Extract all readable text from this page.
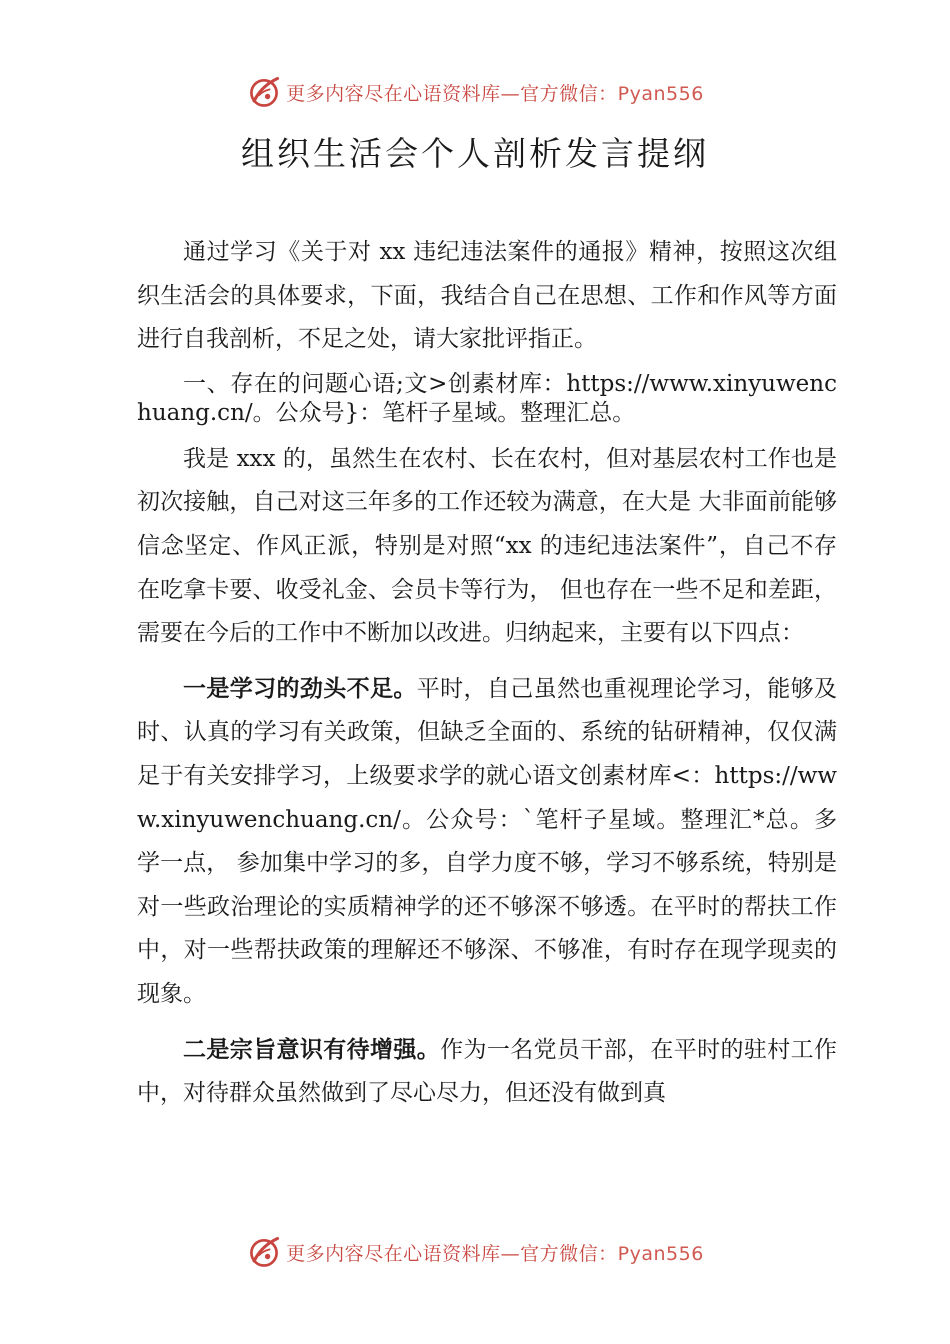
更多内容尽在心语资料库—官方微信：Pyan556
组织生活会个人剖析发言提纲

通过学习《关于对 xx 违纪违法案件的通报》精神，按照这次组织生活会的具体要求，下面，我结合自己在思想、工作和作风等方面进行自我剖析，不足之处，请大家批评指正。

一、存在的问题心语;文>创素材库：https://www.xinyuwenchuang.cn/。公众号}：笔杆子星域。整理汇总。

我是 xxx 的，虽然生在农村、长在农村，但对基层农村工作也是初次接触，自己对这三年多的工作还较为满意，在大是 大非面前能够信念坚定、作风正派，特别是对照“xx 的违纪违法案件”，自己不存在吃拿卡要、收受礼金、会员卡等行为， 但也存在一些不足和差距，需要在今后的工作中不断加以改进。归纳起来，主要有以下四点：

一是学习的劲头不足。平时，自己虽然也重视理论学习，能够及时、认真的学习有关政策，但缺乏全面的、系统的钻研精神，仅仅满足于有关安排学习，上级要求学的就心语文创素材库<：https://www.xinyuwenchuang.cn/。公众号：`笔杆子星域。整理汇*总。多学一点， 参加集中学习的多，自学力度不够，学习不够系统，特别是对一些政治理论的实质精神学的还不够深不够透。在平时的帮扶工作中，对一些帮扶政策的理解还不够深、不够准，有时存在现学现卖的现象。

二是宗旨意识有待增强。作为一名党员干部，在平时的驻村工作中，对待群众虽然做到了尽心尽力，但还没有做到真

更多内容尽在心语资料库—官方微信：Pyan556
